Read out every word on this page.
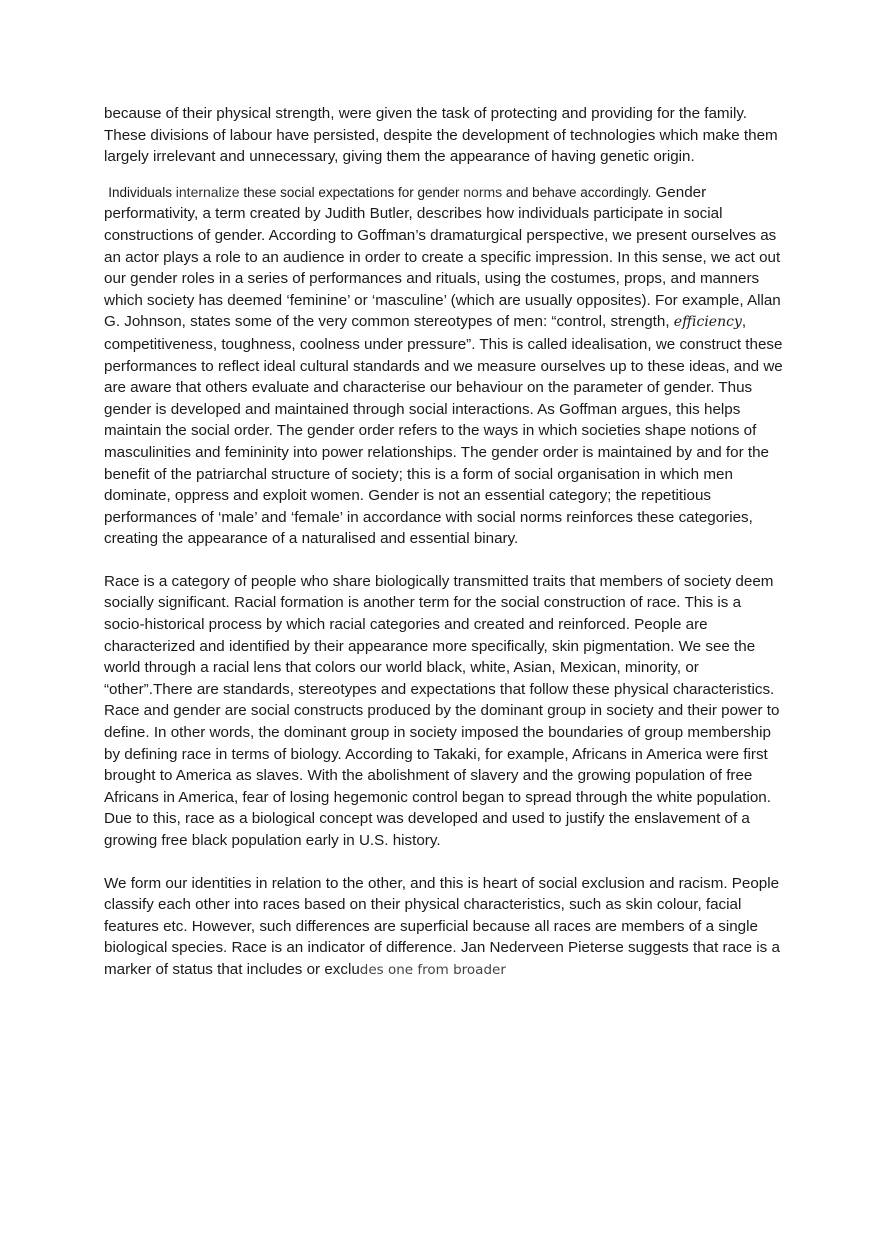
because of their physical strength, were given the task of protecting and providing for the family. These divisions of labour have persisted, despite the development of technologies which make them largely irrelevant and unnecessary, giving them the appearance of having genetic origin.

Individuals internalize these social expectations for gender norms and behave accordingly. Gender performativity, a term created by Judith Butler, describes how individuals participate in social constructions of gender. According to Goffman’s dramaturgical perspective, we present ourselves as an actor plays a role to an audience in order to create a specific impression. In this sense, we act out our gender roles in a series of performances and rituals, using the costumes, props, and manners which society has deemed ‘feminine’ or ‘masculine’ (which are usually opposites). For example, Allan G. Johnson, states some of the very common stereotypes of men: “control, strength, efficiency, competitiveness, toughness, coolness under pressure”. This is called idealisation, we construct these performances to reflect ideal cultural standards and we measure ourselves up to these ideas, and we are aware that others evaluate and characterise our behaviour on the parameter of gender. Thus gender is developed and maintained through social interactions. As Goffman argues, this helps maintain the social order. The gender order refers to the ways in which societies shape notions of masculinities and femininity into power relationships. The gender order is maintained by and for the benefit of the patriarchal structure of society; this is a form of social organisation in which men dominate, oppress and exploit women. Gender is not an essential category; the repetitious performances of ‘male’ and ‘female’ in accordance with social norms reinforces these categories, creating the appearance of a naturalised and essential binary.

Race is a category of people who share biologically transmitted traits that members of society deem socially significant. Racial formation is another term for the social construction of race. This is a socio-historical process by which racial categories and created and reinforced. People are characterized and identified by their appearance more specifically, skin pigmentation. We see the world through a racial lens that colors our world black, white, Asian, Mexican, minority, or “other”.There are standards, stereotypes and expectations that follow these physical characteristics. Race and gender are social constructs produced by the dominant group in society and their power to define. In other words, the dominant group in society imposed the boundaries of group membership by defining race in terms of biology. According to Takaki, for example, Africans in America were first brought to America as slaves. With the abolishment of slavery and the growing population of free Africans in America, fear of losing hegemonic control began to spread through the white population. Due to this, race as a biological concept was developed and used to justify the enslavement of a growing free black population early in U.S. history.

We form our identities in relation to the other, and this is heart of social exclusion and racism. People classify each other into races based on their physical characteristics, such as skin colour, facial features etc. However, such differences are superficial because all races are members of a single biological species. Race is an indicator of difference. Jan Nederveen Pieterse suggests that race is a marker of status that includes or excludes one from broader
